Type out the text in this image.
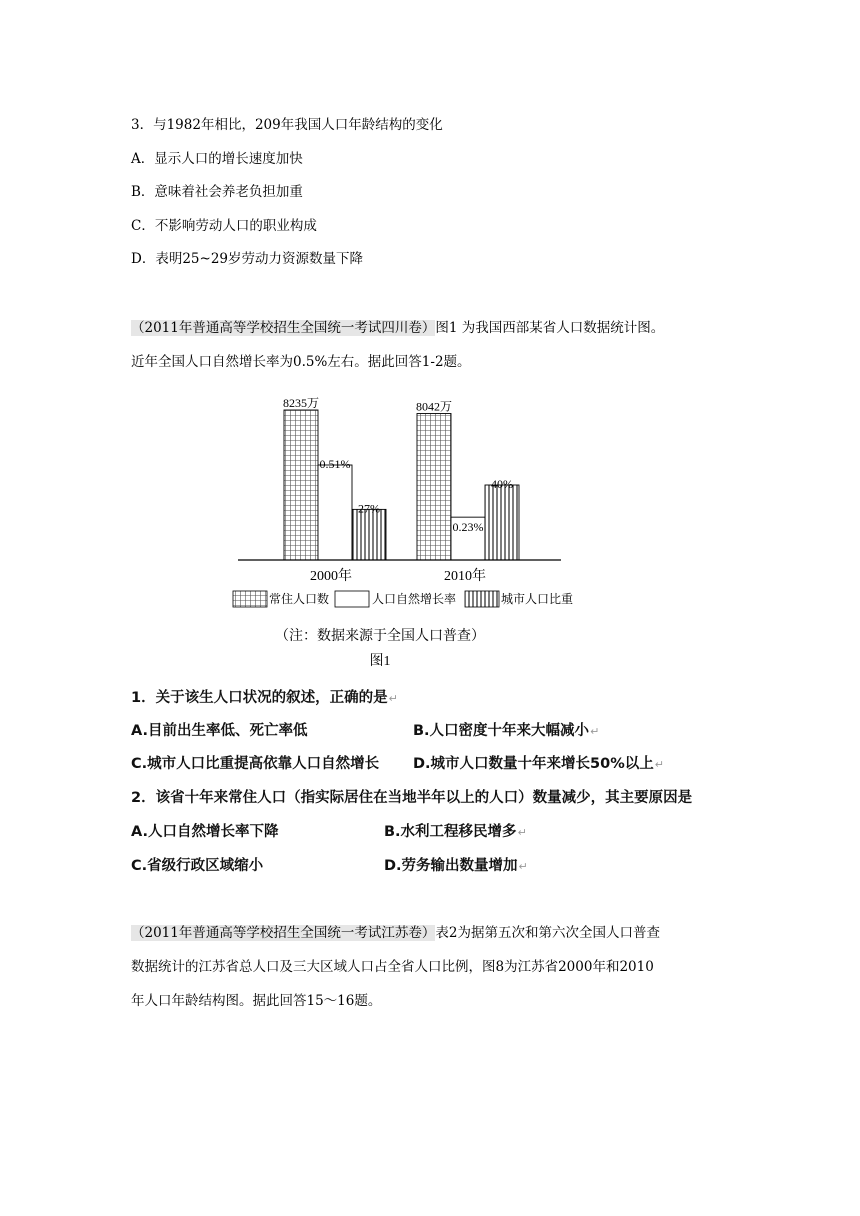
3．与1982年相比，209年我国人口年龄结构的变化
A．显示人口的增长速度加快
B．意味着社会养老负担加重
C．不影响劳动人口的职业构成
D．表明25~29岁劳动力资源数量下降
（2011年普通高等学校招生全国统一考试四川卷）图1 为我国西部某省人口数据统计图。
近年全国人口自然增长率为0.5%左右。据此回答1-2题。
8235万
0.51%
27%
8042万
0.23%
40%
2000年	2010年
常住人口数	人口自然增长率	城市人口比重
（注：数据来源于全国人口普查）
图1
1．关于该生人口状况的叙述，正确的是↵
A.目前出生率低、死亡率低	B.人口密度十年来大幅减小↵
C.城市人口比重提高依靠人口自然增长 D.城市人口数量十年来增长50%以上↵
2．该省十年来常住人口（指实际居住在当地半年以上的人口）数量减少，其主要原因是
A.人口自然增长率下降	B.水利工程移民增多↵
C.省级行政区域缩小	D.劳务输出数量增加↵
（2011年普通高等学校招生全国统一考试江苏卷）表2为据第五次和第六次全国人口普查
数据统计的江苏省总人口及三大区域人口占全省人口比例，图8为江苏省2000年和2010
年人口年龄结构图。据此回答15～16题。
